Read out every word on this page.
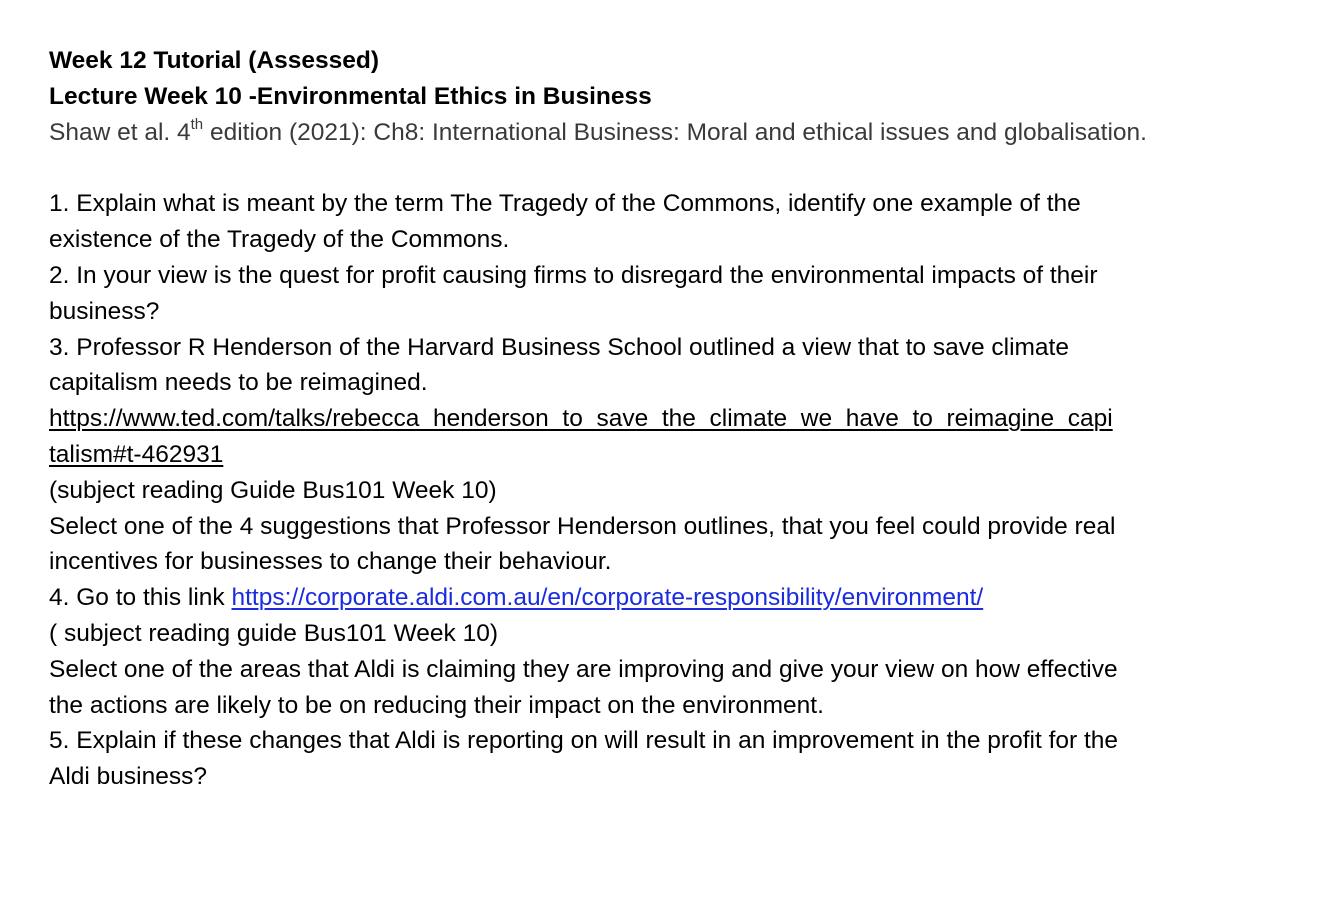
Week 12 Tutorial (Assessed)
Lecture Week 10 -Environmental Ethics in Business
Shaw et al. 4th edition (2021): Ch8: International Business: Moral and ethical issues and globalisation.
1. Explain what is meant by the term The Tragedy of the Commons, identify one example of the
existence of the Tragedy of the Commons.
2. In your view is the quest for profit causing firms to disregard the environmental impacts of their
business?
3. Professor R Henderson of the Harvard Business School outlined a view that to save climate
capitalism needs to be reimagined.
https://www.ted.com/talks/rebecca_henderson_to_save_the_climate_we_have_to_reimagine_capi
talism#t-462931
(subject reading Guide Bus101 Week 10)
Select one of the 4 suggestions that Professor Henderson outlines, that you feel could provide real
incentives for businesses to change their behaviour.
4. Go to this link https://corporate.aldi.com.au/en/corporate-responsibility/environment/
( subject reading guide Bus101 Week 10)
Select one of the areas that Aldi is claiming they are improving and give your view on how effective
the actions are likely to be on reducing their impact on the environment.
5. Explain if these changes that Aldi is reporting on will result in an improvement in the profit for the
Aldi business?
